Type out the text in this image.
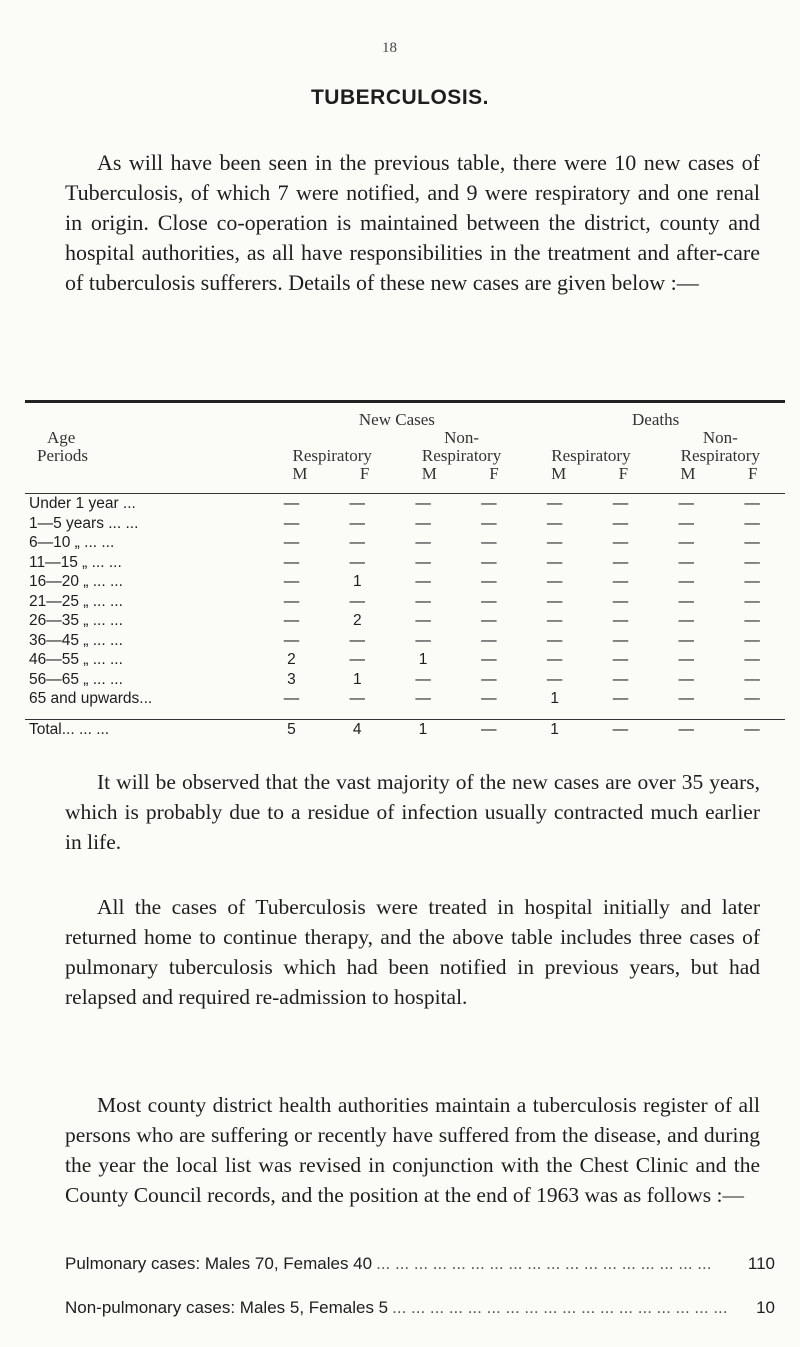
18
TUBERCULOSIS.

As will have been seen in the previous table, there were 10 new cases of Tuberculosis, of which 7 were notified, and 9 were respiratory and one renal in origin. Close co-operation is maintained between the district, county and hospital authorities, as all have responsibilities in the treatment and after-care of tuberculosis sufferers. Details of these new cases are given below :—

	New Cases				Deaths			
Age			Non-				Non-	
Periods	Respiratory		Respiratory		Respiratory		Respiratory	
	M	F	M	F	M	F	M	F

Under 1 year ...	—	—	—	—	—	—	—	—
1—5 years ... ...	—	—	—	—	—	—	—	—
6—10 „ ... ...	—	—	—	—	—	—	—	—
11—15 „ ... ...	—	—	—	—	—	—	—	—
16—20 „ ... ...	—	1	—	—	—	—	—	—
21—25 „ ... ...	—	—	—	—	—	—	—	—
26—35 „ ... ...	—	2	—	—	—	—	—	—
36—45 „ ... ...	—	—	—	—	—	—	—	—
46—55 „ ... ...	2	—	1	—	—	—	—	—
56—65 „ ... ...	3	1	—	—	—	—	—	—
65 and upwards...	—	—	—	—	1	—	—	—
Total... ... ...	5	4	1	—	1	—	—	—

It will be observed that the vast majority of the new cases are over 35 years, which is probably due to a residue of infection usually contracted much earlier in life.

All the cases of Tuberculosis were treated in hospital initially and later returned home to continue therapy, and the above table includes three cases of pulmonary tuberculosis which had been notified in previous years, but had relapsed and required re-admission to hospital.

Most county district health authorities maintain a tuberculosis register of all persons who are suffering or recently have suffered from the disease, and during the year the local list was revised in conjunction with the Chest Clinic and the County Council records, and the position at the end of 1963 was as follows :—

Pulmonary cases: Males 70, Females 40 ... ... ... ... ... ... ... ... ... ... ... ... ... ... ... ... ... ...	110
Non-pulmonary cases: Males 5, Females 5 ... ... ... ... ... ... ... ... ... ... ... ... ... ... ... ... ... ...	10
